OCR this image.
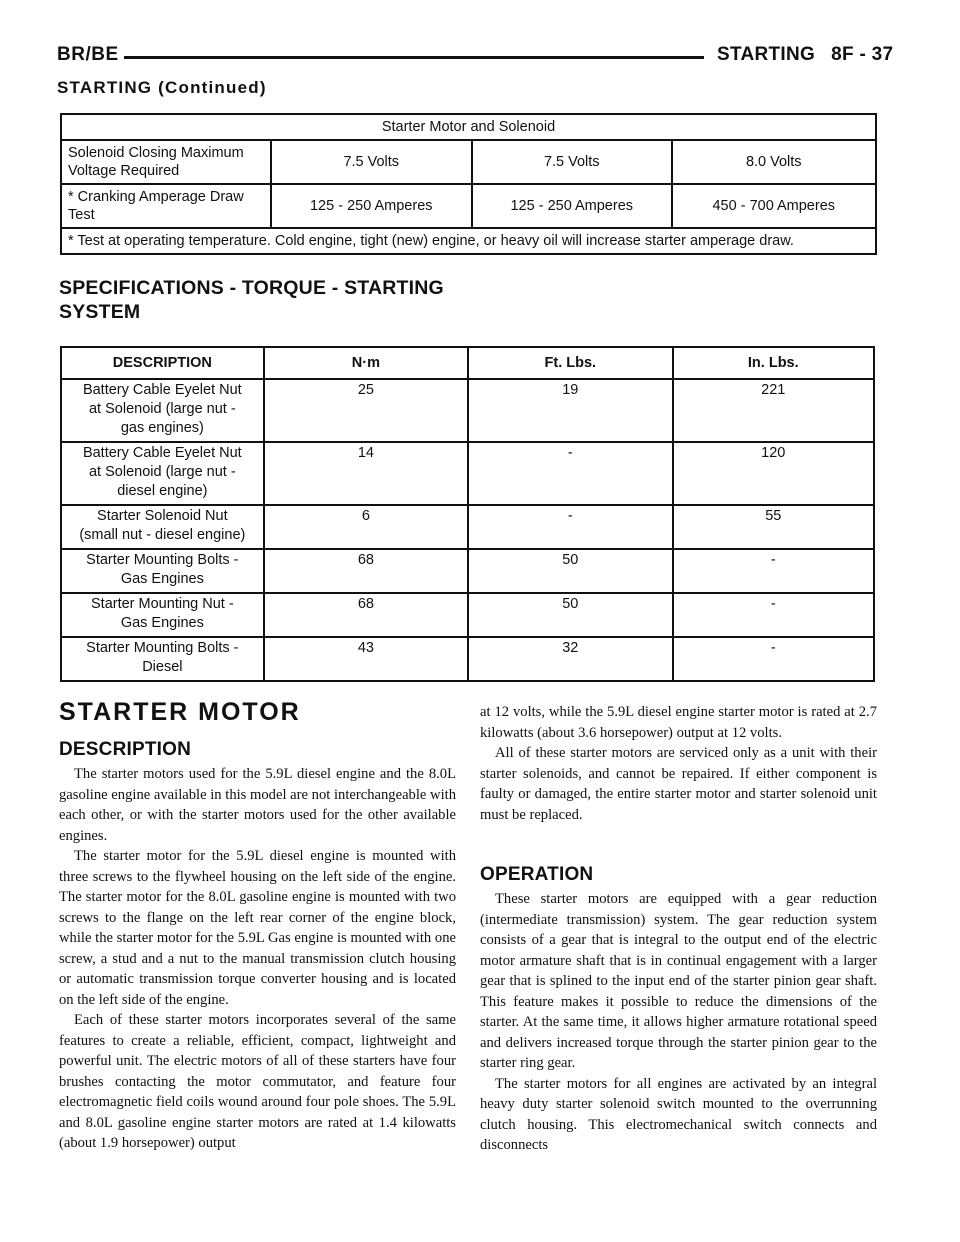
BR/BE	STARTING 8F - 37
STARTING (Continued)
Starter Motor and Solenoid			
Solenoid Closing Maximum Voltage Required	7.5 Volts	7.5 Volts	8.0 Volts
* Cranking Amperage Draw Test	125 - 250 Amperes	125 - 250 Amperes	450 - 700 Amperes
* Test at operating temperature. Cold engine, tight (new) engine, or heavy oil will increase starter amperage draw.			
SPECIFICATIONS - TORQUE - STARTING
SYSTEM
DESCRIPTION	N·m	Ft. Lbs.	In. Lbs.

Battery Cable Eyelet Nut
at Solenoid (large nut -
gas engines)	25	19	221

Battery Cable Eyelet Nut
at Solenoid (large nut -
diesel engine)	14	-	120

Starter Solenoid Nut
(small nut - diesel engine)	6	-	55

Starter Mounting Bolts -
Gas Engines	68	50	-

Starter Mounting Nut -
Gas Engines	68	50	-

Starter Mounting Bolts -
Diesel	43	32	-
STARTER MOTOR
DESCRIPTION

The starter motors used for the 5.9L diesel engine and the 8.0L gasoline engine available in this model are not interchangeable with each other, or with the starter motors used for the other available engines.

The starter motor for the 5.9L diesel engine is mounted with three screws to the flywheel housing on the left side of the engine. The starter motor for the 8.0L gasoline engine is mounted with two screws to the flange on the left rear corner of the engine block, while the starter motor for the 5.9L Gas engine is mounted with one screw, a stud and a nut to the manual transmission clutch housing or automatic transmission torque converter housing and is located on the left side of the engine.

Each of these starter motors incorporates several of the same features to create a reliable, efficient, compact, lightweight and powerful unit. The electric motors of all of these starters have four brushes contacting the motor commutator, and feature four electromagnetic field coils wound around four pole shoes. The 5.9L and 8.0L gasoline engine starter motors are rated at 1.4 kilowatts (about 1.9 horsepower) output

at 12 volts, while the 5.9L diesel engine starter motor is rated at 2.7 kilowatts (about 3.6 horsepower) output at 12 volts.

All of these starter motors are serviced only as a unit with their starter solenoids, and cannot be repaired. If either component is faulty or damaged, the entire starter motor and starter solenoid unit must be replaced.

OPERATION

These starter motors are equipped with a gear reduction (intermediate transmission) system. The gear reduction system consists of a gear that is integral to the output end of the electric motor armature shaft that is in continual engagement with a larger gear that is splined to the input end of the starter pinion gear shaft. This feature makes it possible to reduce the dimensions of the starter. At the same time, it allows higher armature rotational speed and delivers increased torque through the starter pinion gear to the starter ring gear.

The starter motors for all engines are activated by an integral heavy duty starter solenoid switch mounted to the overrunning clutch housing. This electromechanical switch connects and disconnects
